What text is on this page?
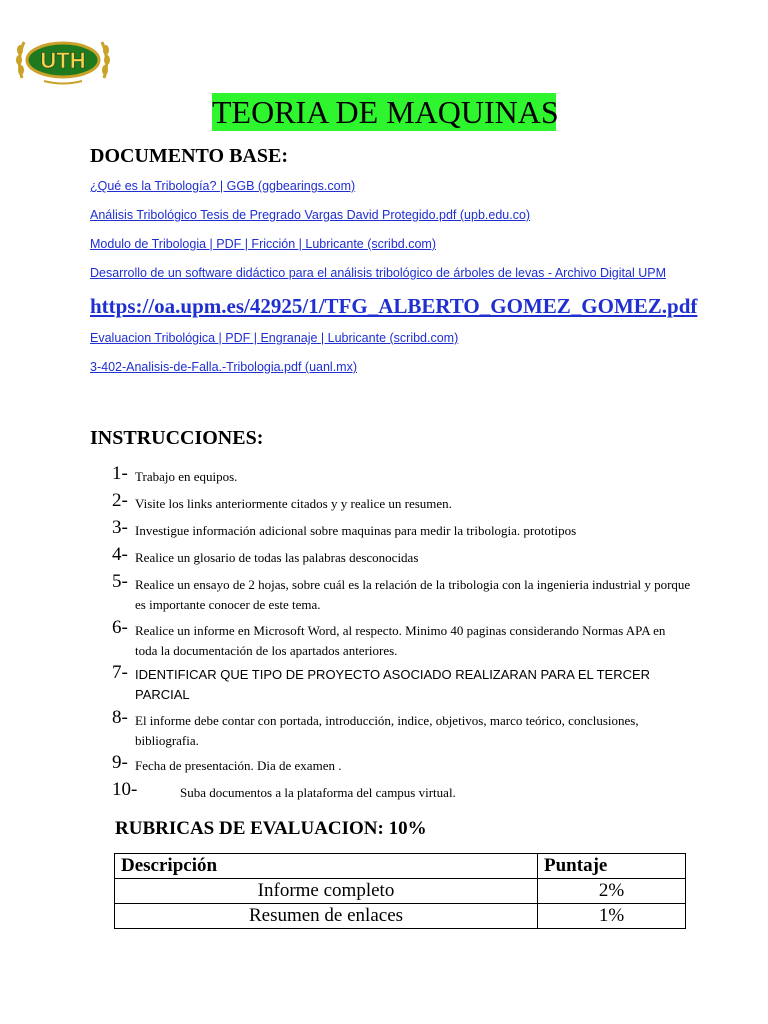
UTH
TEORIA DE MAQUINAS
DOCUMENTO BASE:
¿Qué es la Tribología? | GGB (ggbearings.com)
Análisis Tribológico Tesis de Pregrado Vargas David Protegido.pdf (upb.edu.co)
Modulo de Tribologia | PDF | Fricción | Lubricante (scribd.com)
Desarrollo de un software didáctico para el análisis tribológico de árboles de levas - Archivo Digital UPM
https://oa.upm.es/42925/1/TFG_ALBERTO_GOMEZ_GOMEZ.pdf
Evaluacion Tribológica | PDF | Engranaje | Lubricante (scribd.com)
3-402-Analisis-de-Falla.-Tribologia.pdf (uanl.mx)
INSTRUCCIONES:
1- Trabajo en equipos.
2- Visite los links anteriormente citados y y realice un resumen.
3- Investigue información adicional sobre maquinas para medir la tribologia. prototipos
4- Realice un glosario de todas las palabras desconocidas
5- Realice un ensayo de 2 hojas, sobre cuál es la relación de la tribologia con la ingenieria industrial y porque es importante conocer de este tema.
6- Realice un informe en Microsoft Word, al respecto. Minimo 40 paginas considerando Normas APA en toda la documentación de los apartados anteriores.
7- IDENTIFICAR QUE TIPO DE PROYECTO ASOCIADO REALIZARAN PARA EL TERCER PARCIAL
8- El informe debe contar con portada, introducción, indice, objetivos, marco teórico, conclusiones, bibliografia.
9- Fecha de presentación. Dia de examen .
10-	Suba documentos a la plataforma del campus virtual.
RUBRICAS DE EVALUACION: 10%
Descripción	Puntaje
Informe completo	2%
Resumen de enlaces	1%
